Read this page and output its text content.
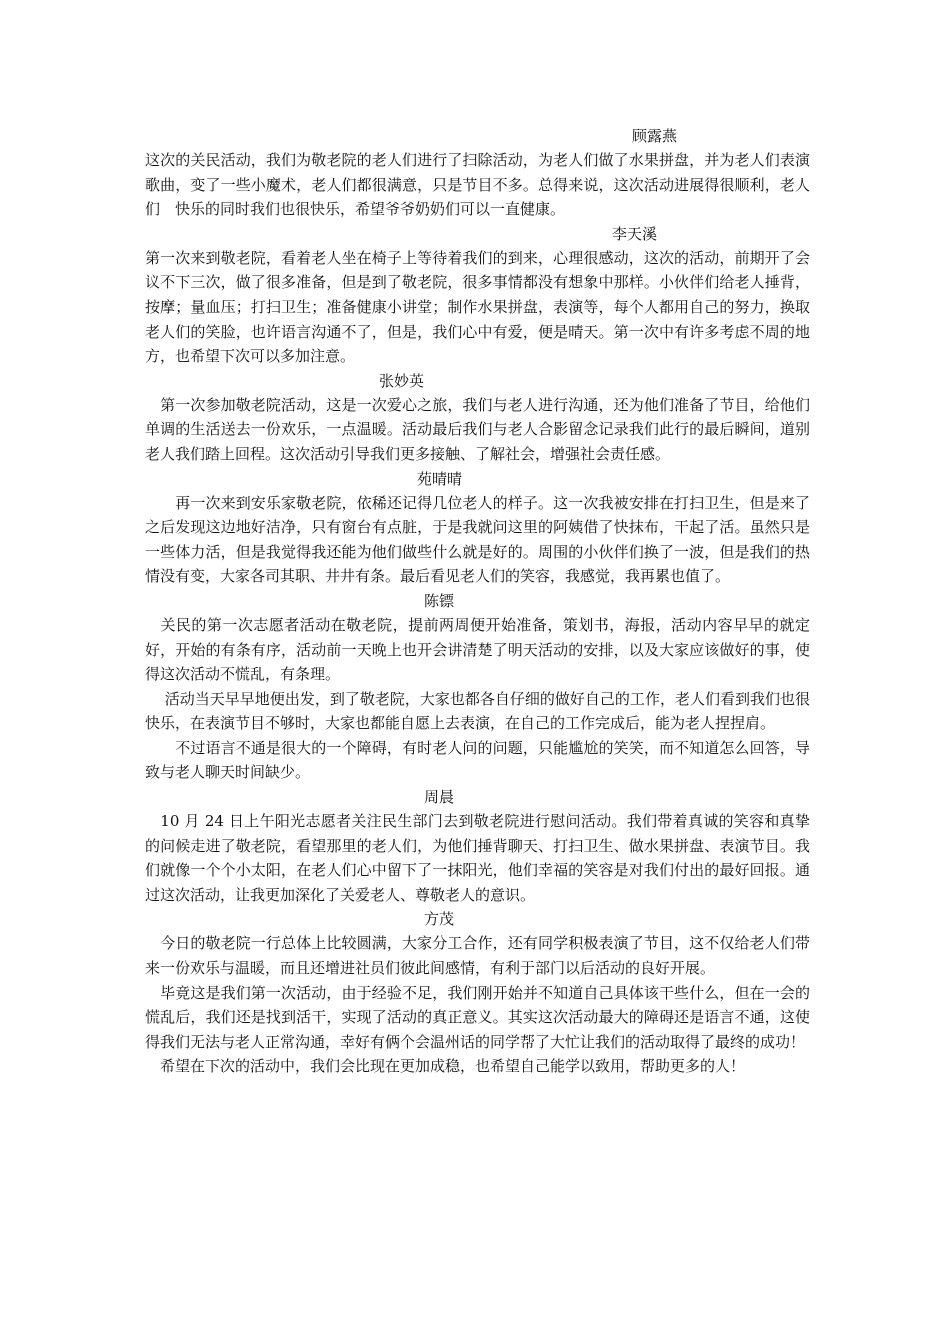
顾露燕

这次的关民活动，我们为敬老院的老人们进行了扫除活动，为老人们做了水果拼盘，并为老人们表演歌曲，变了一些小魔术，老人们都很满意，只是节目不多。总得来说，这次活动进展得很顺利，老人们　快乐的同时我们也很快乐，希望爷爷奶奶们可以一直健康。

李天溪

第一次来到敬老院，看着老人坐在椅子上等待着我们的到来，心理很感动，这次的活动，前期开了会议不下三次，做了很多准备，但是到了敬老院，很多事情都没有想象中那样。小伙伴们给老人捶背，按摩；量血压；打扫卫生；准备健康小讲堂；制作水果拼盘，表演等，每个人都用自己的努力，换取老人们的笑脸，也许语言沟通不了，但是，我们心中有爱，便是晴天。第一次中有许多考虑不周的地方，也希望下次可以多加注意。

张妙英

　第一次参加敬老院活动，这是一次爱心之旅，我们与老人进行沟通，还为他们准备了节目，给他们单调的生活送去一份欢乐，一点温暖。活动最后我们与老人合影留念记录我们此行的最后瞬间，道别老人我们踏上回程。这次活动引导我们更多接触、了解社会，增强社会责任感。

苑晴晴

　　再一次来到安乐家敬老院，依稀还记得几位老人的样子。这一次我被安排在打扫卫生，但是来了之后发现这边地好洁净，只有窗台有点脏，于是我就问这里的阿姨借了快抹布，干起了活。虽然只是一些体力活，但是我觉得我还能为他们做些什么就是好的。周围的小伙伴们换了一波，但是我们的热情没有变，大家各司其职、井井有条。最后看见老人们的笑容，我感觉，我再累也值了。

陈镖

　关民的第一次志愿者活动在敬老院，提前两周便开始准备，策划书，海报，活动内容早早的就定好，开始的有条有序，活动前一天晚上也开会讲清楚了明天活动的安排，以及大家应该做好的事，使得这次活动不慌乱，有条理。

　 活动当天早早地便出发，到了敬老院，大家也都各自仔细的做好自己的工作，老人们看到我们也很快乐，在表演节目不够时，大家也都能自愿上去表演，在自己的工作完成后，能为老人捏捏肩。

　　不过语言不通是很大的一个障碍，有时老人问的问题，只能尴尬的笑笑，而不知道怎么回答，导致与老人聊天时间缺少。

周晨

　10 月 24 日上午阳光志愿者关注民生部门去到敬老院进行慰问活动。我们带着真诚的笑容和真挚的问候走进了敬老院，看望那里的老人们，为他们捶背聊天、打扫卫生、做水果拼盘、表演节目。我们就像一个个小太阳，在老人们心中留下了一抹阳光，他们幸福的笑容是对我们付出的最好回报。通过这次活动，让我更加深化了关爱老人、尊敬老人的意识。

方茂

　今日的敬老院一行总体上比较圆满，大家分工合作，还有同学积极表演了节目，这不仅给老人们带来一份欢乐与温暖，而且还增进社员们彼此间感情，有利于部门以后活动的良好开展。

　毕竟这是我们第一次活动，由于经验不足，我们刚开始并不知道自己具体该干些什么，但在一会的慌乱后，我们还是找到活干，实现了活动的真正意义。其实这次活动最大的障碍还是语言不通，这使得我们无法与老人正常沟通，幸好有俩个会温州话的同学帮了大忙让我们的活动取得了最终的成功！

　希望在下次的活动中，我们会比现在更加成稳，也希望自己能学以致用，帮助更多的人！
